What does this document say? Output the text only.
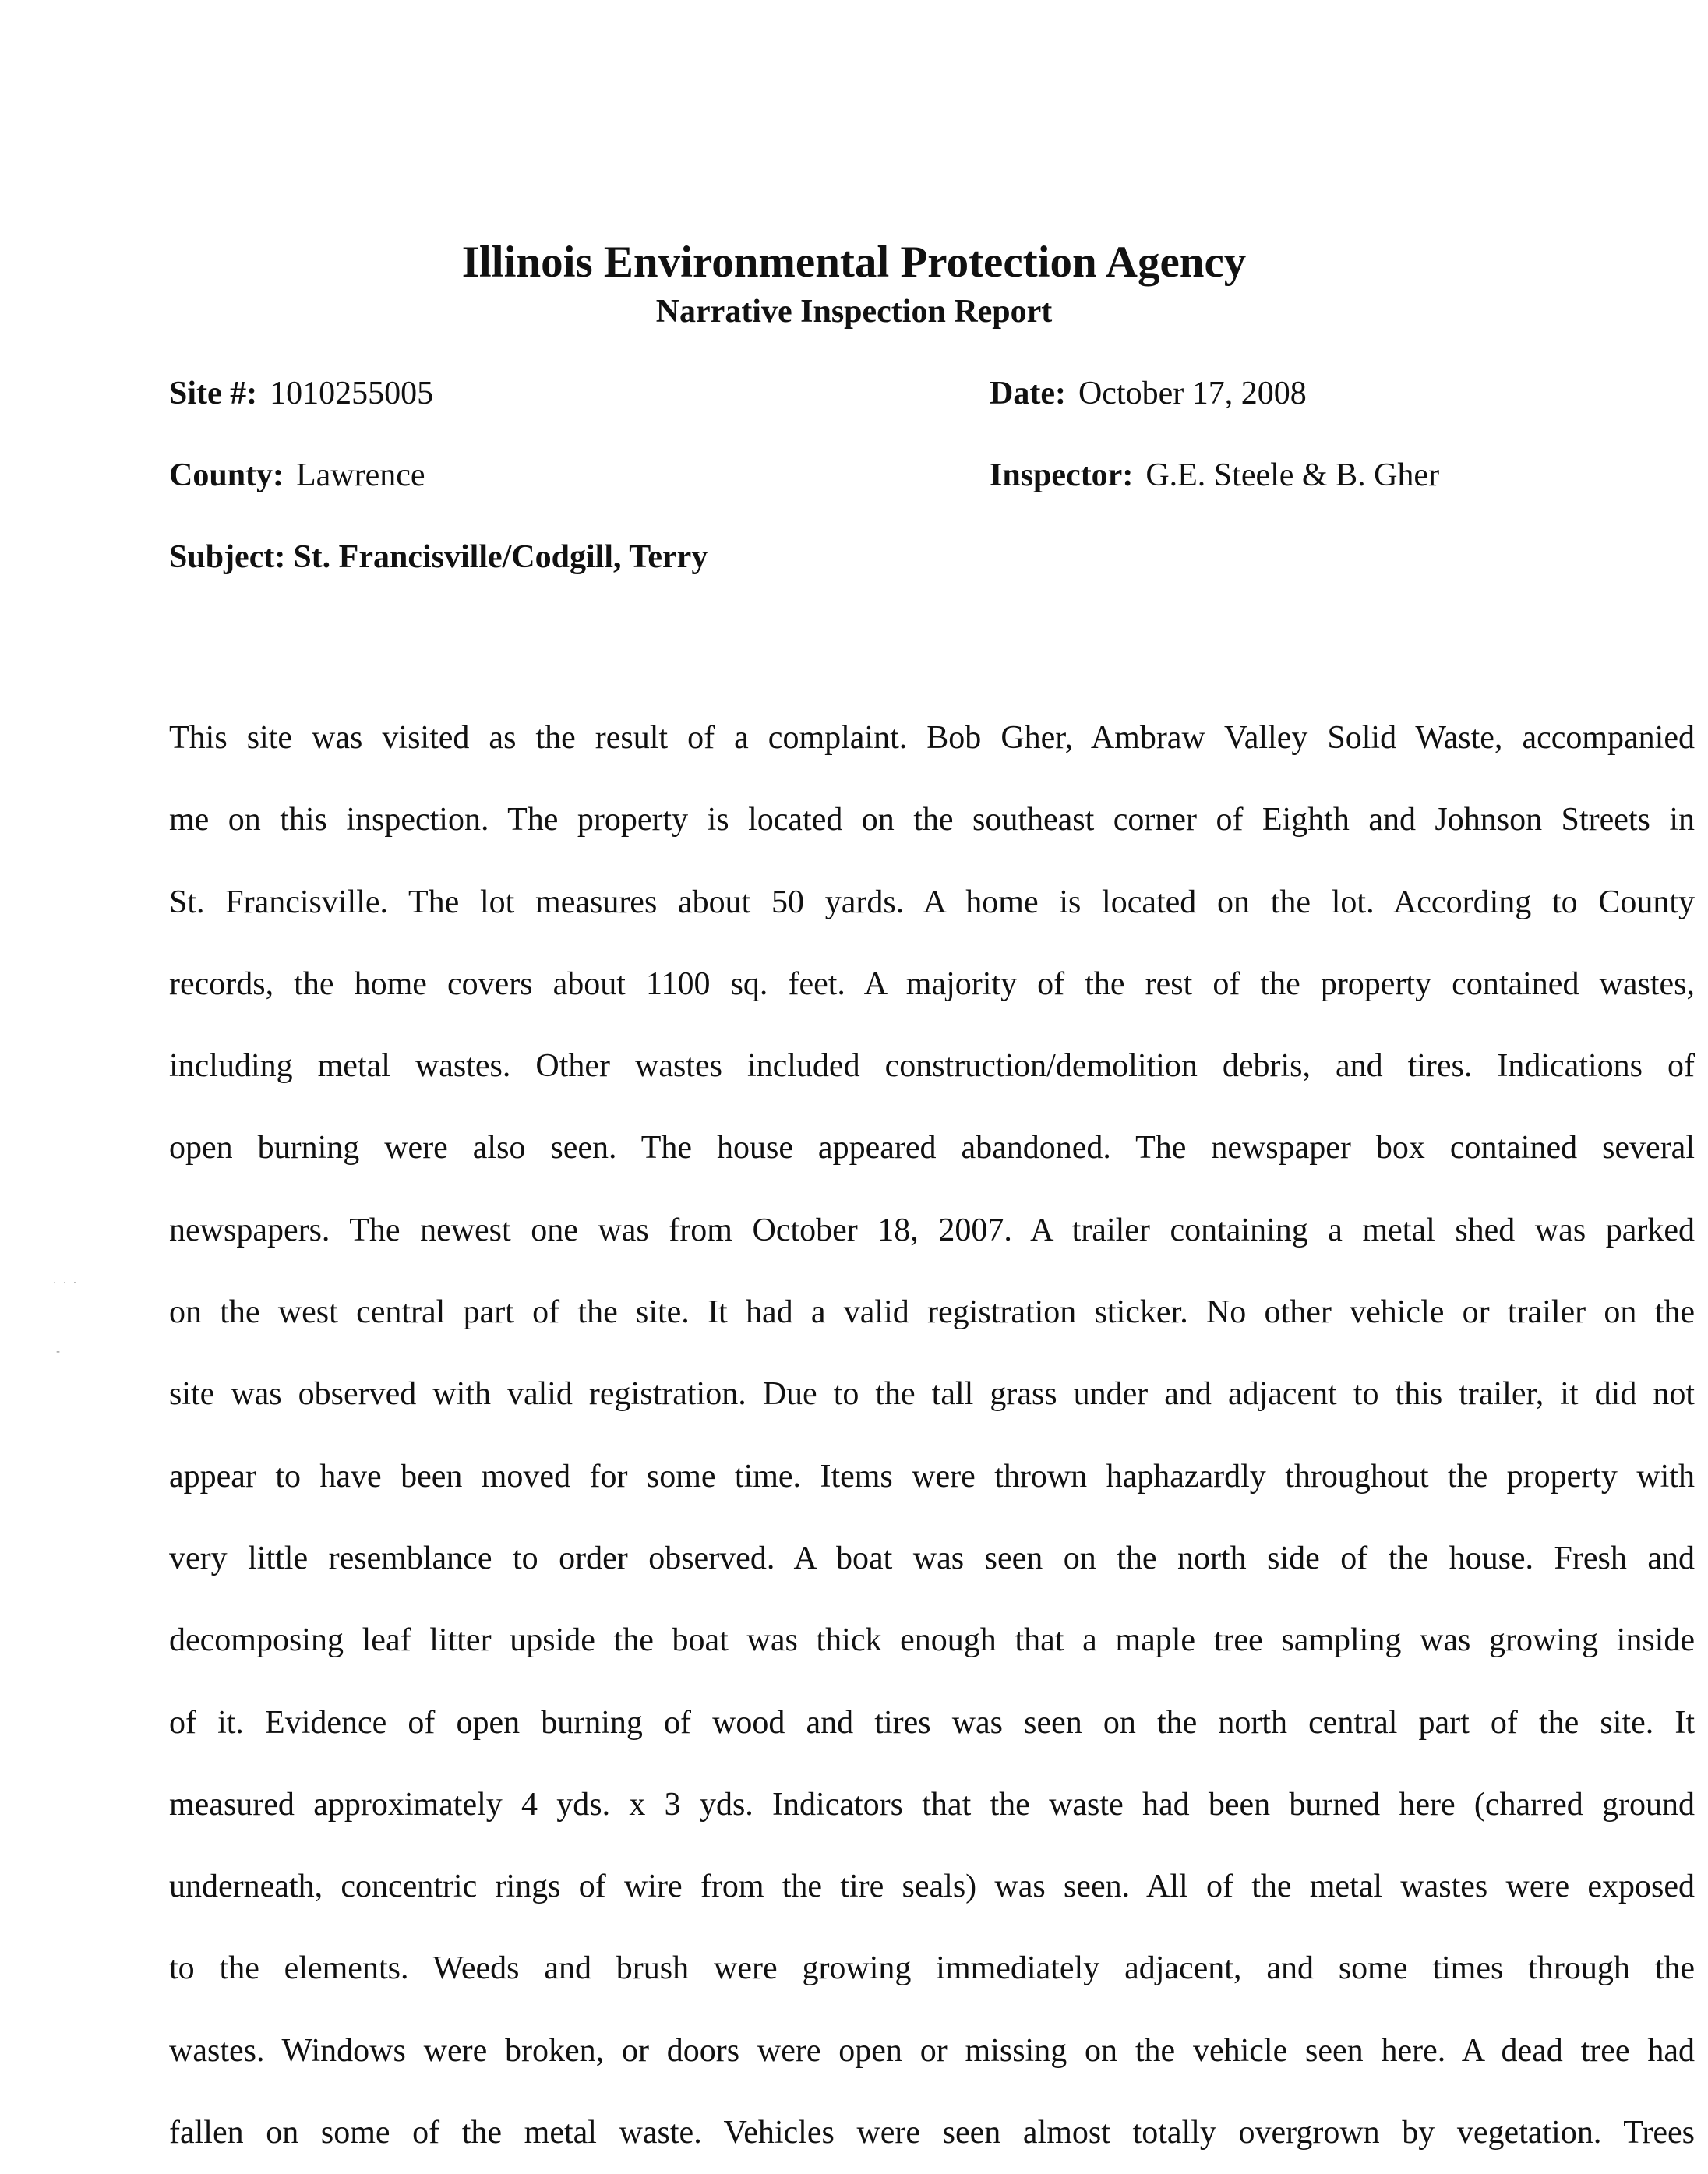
Illinois Environmental Protection Agency
Narrative Inspection Report
Site #: 1010255005	Date: October 17, 2008
County: Lawrence	Inspector: G.E. Steele & B. Gher
Subject: St. Francisville/Codgill, Terry
This site was visited as the result of a complaint. Bob Gher, Ambraw Valley Solid Waste, accompanied
me on this inspection. The property is located on the southeast corner of Eighth and Johnson Streets in
St. Francisville. The lot measures about 50 yards. A home is located on the lot. According to County
records, the home covers about 1100 sq. feet. A majority of the rest of the property contained wastes,
including metal wastes. Other wastes included construction/demolition debris, and tires. Indications of
open burning were also seen. The house appeared abandoned. The newspaper box contained several
newspapers. The newest one was from October 18, 2007. A trailer containing a metal shed was parked
on the west central part of the site. It had a valid registration sticker. No other vehicle or trailer on the
site was observed with valid registration. Due to the tall grass under and adjacent to this trailer, it did not
appear to have been moved for some time. Items were thrown haphazardly throughout the property with
very little resemblance to order observed. A boat was seen on the north side of the house. Fresh and
decomposing leaf litter upside the boat was thick enough that a maple tree sampling was growing inside
of it. Evidence of open burning of wood and tires was seen on the north central part of the site. It
measured approximately 4 yds. x 3 yds. Indicators that the waste had been burned here (charred ground
underneath, concentric rings of wire from the tire seals) was seen. All of the metal wastes were exposed
to the elements. Weeds and brush were growing immediately adjacent, and some times through the
wastes. Windows were broken, or doors were open or missing on the vehicle seen here. A dead tree had
fallen on some of the metal waste. Vehicles were seen almost totally overgrown by vegetation. Trees
· · ·
-
